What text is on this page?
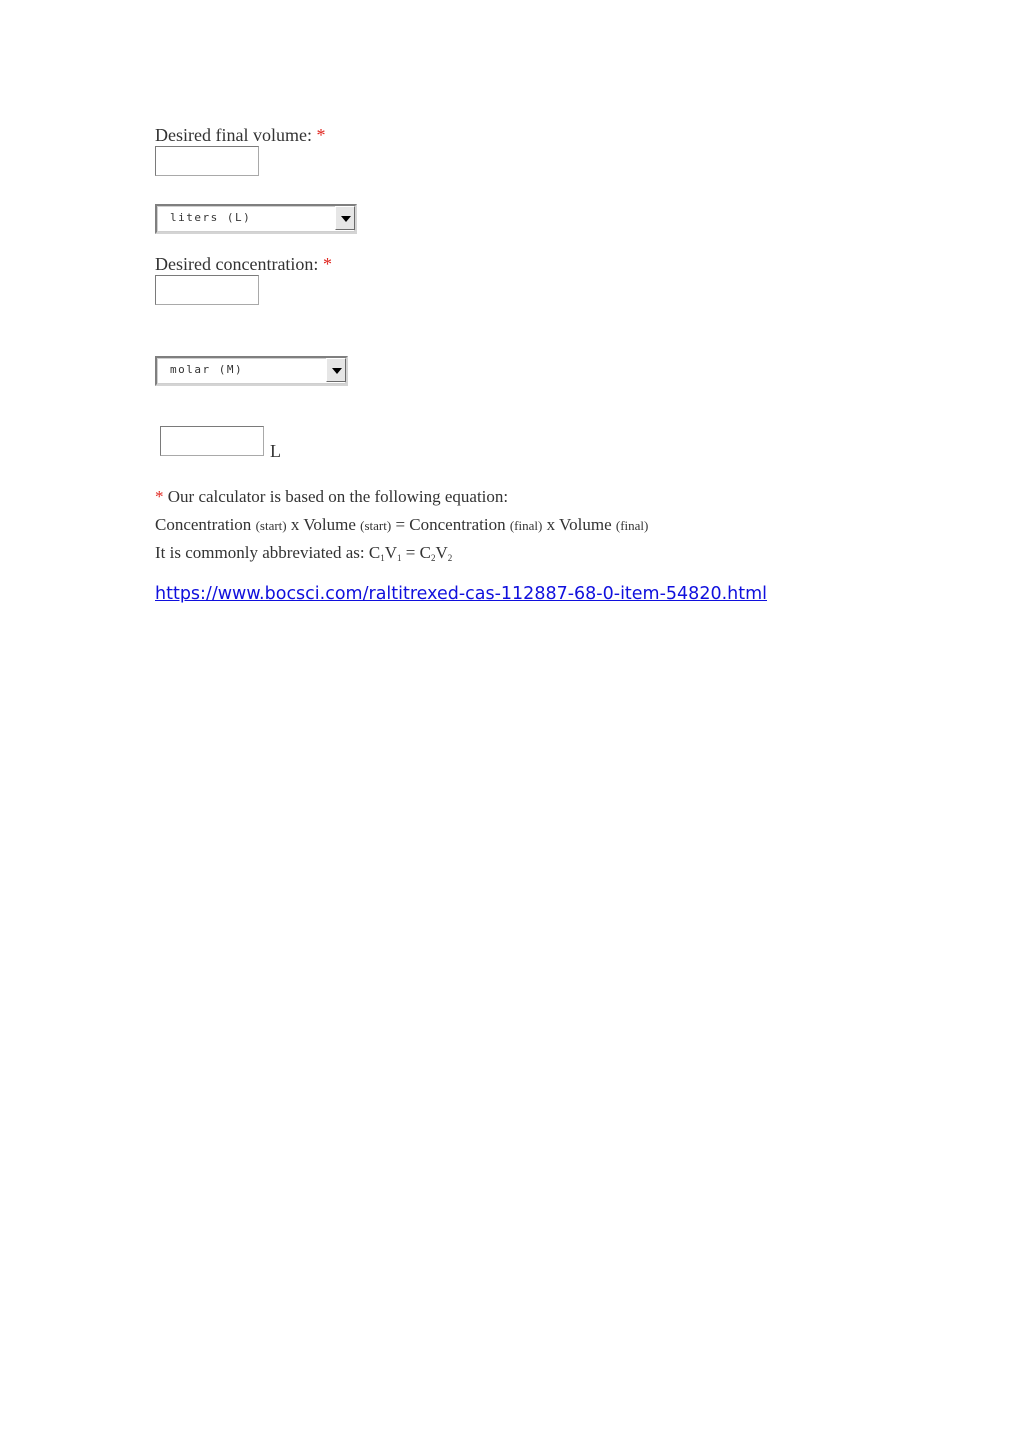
Desired final volume: *
liters (L)
Desired concentration: *
molar (M)
L
* Our calculator is based on the following equation:
Concentration (start) x Volume (start) = Concentration (final) x Volume (final)
It is commonly abbreviated as: $C_1V_1 = C_2V_2$
https://www.bocsci.com/raltitrexed-cas-112887-68-0-item-54820.html
